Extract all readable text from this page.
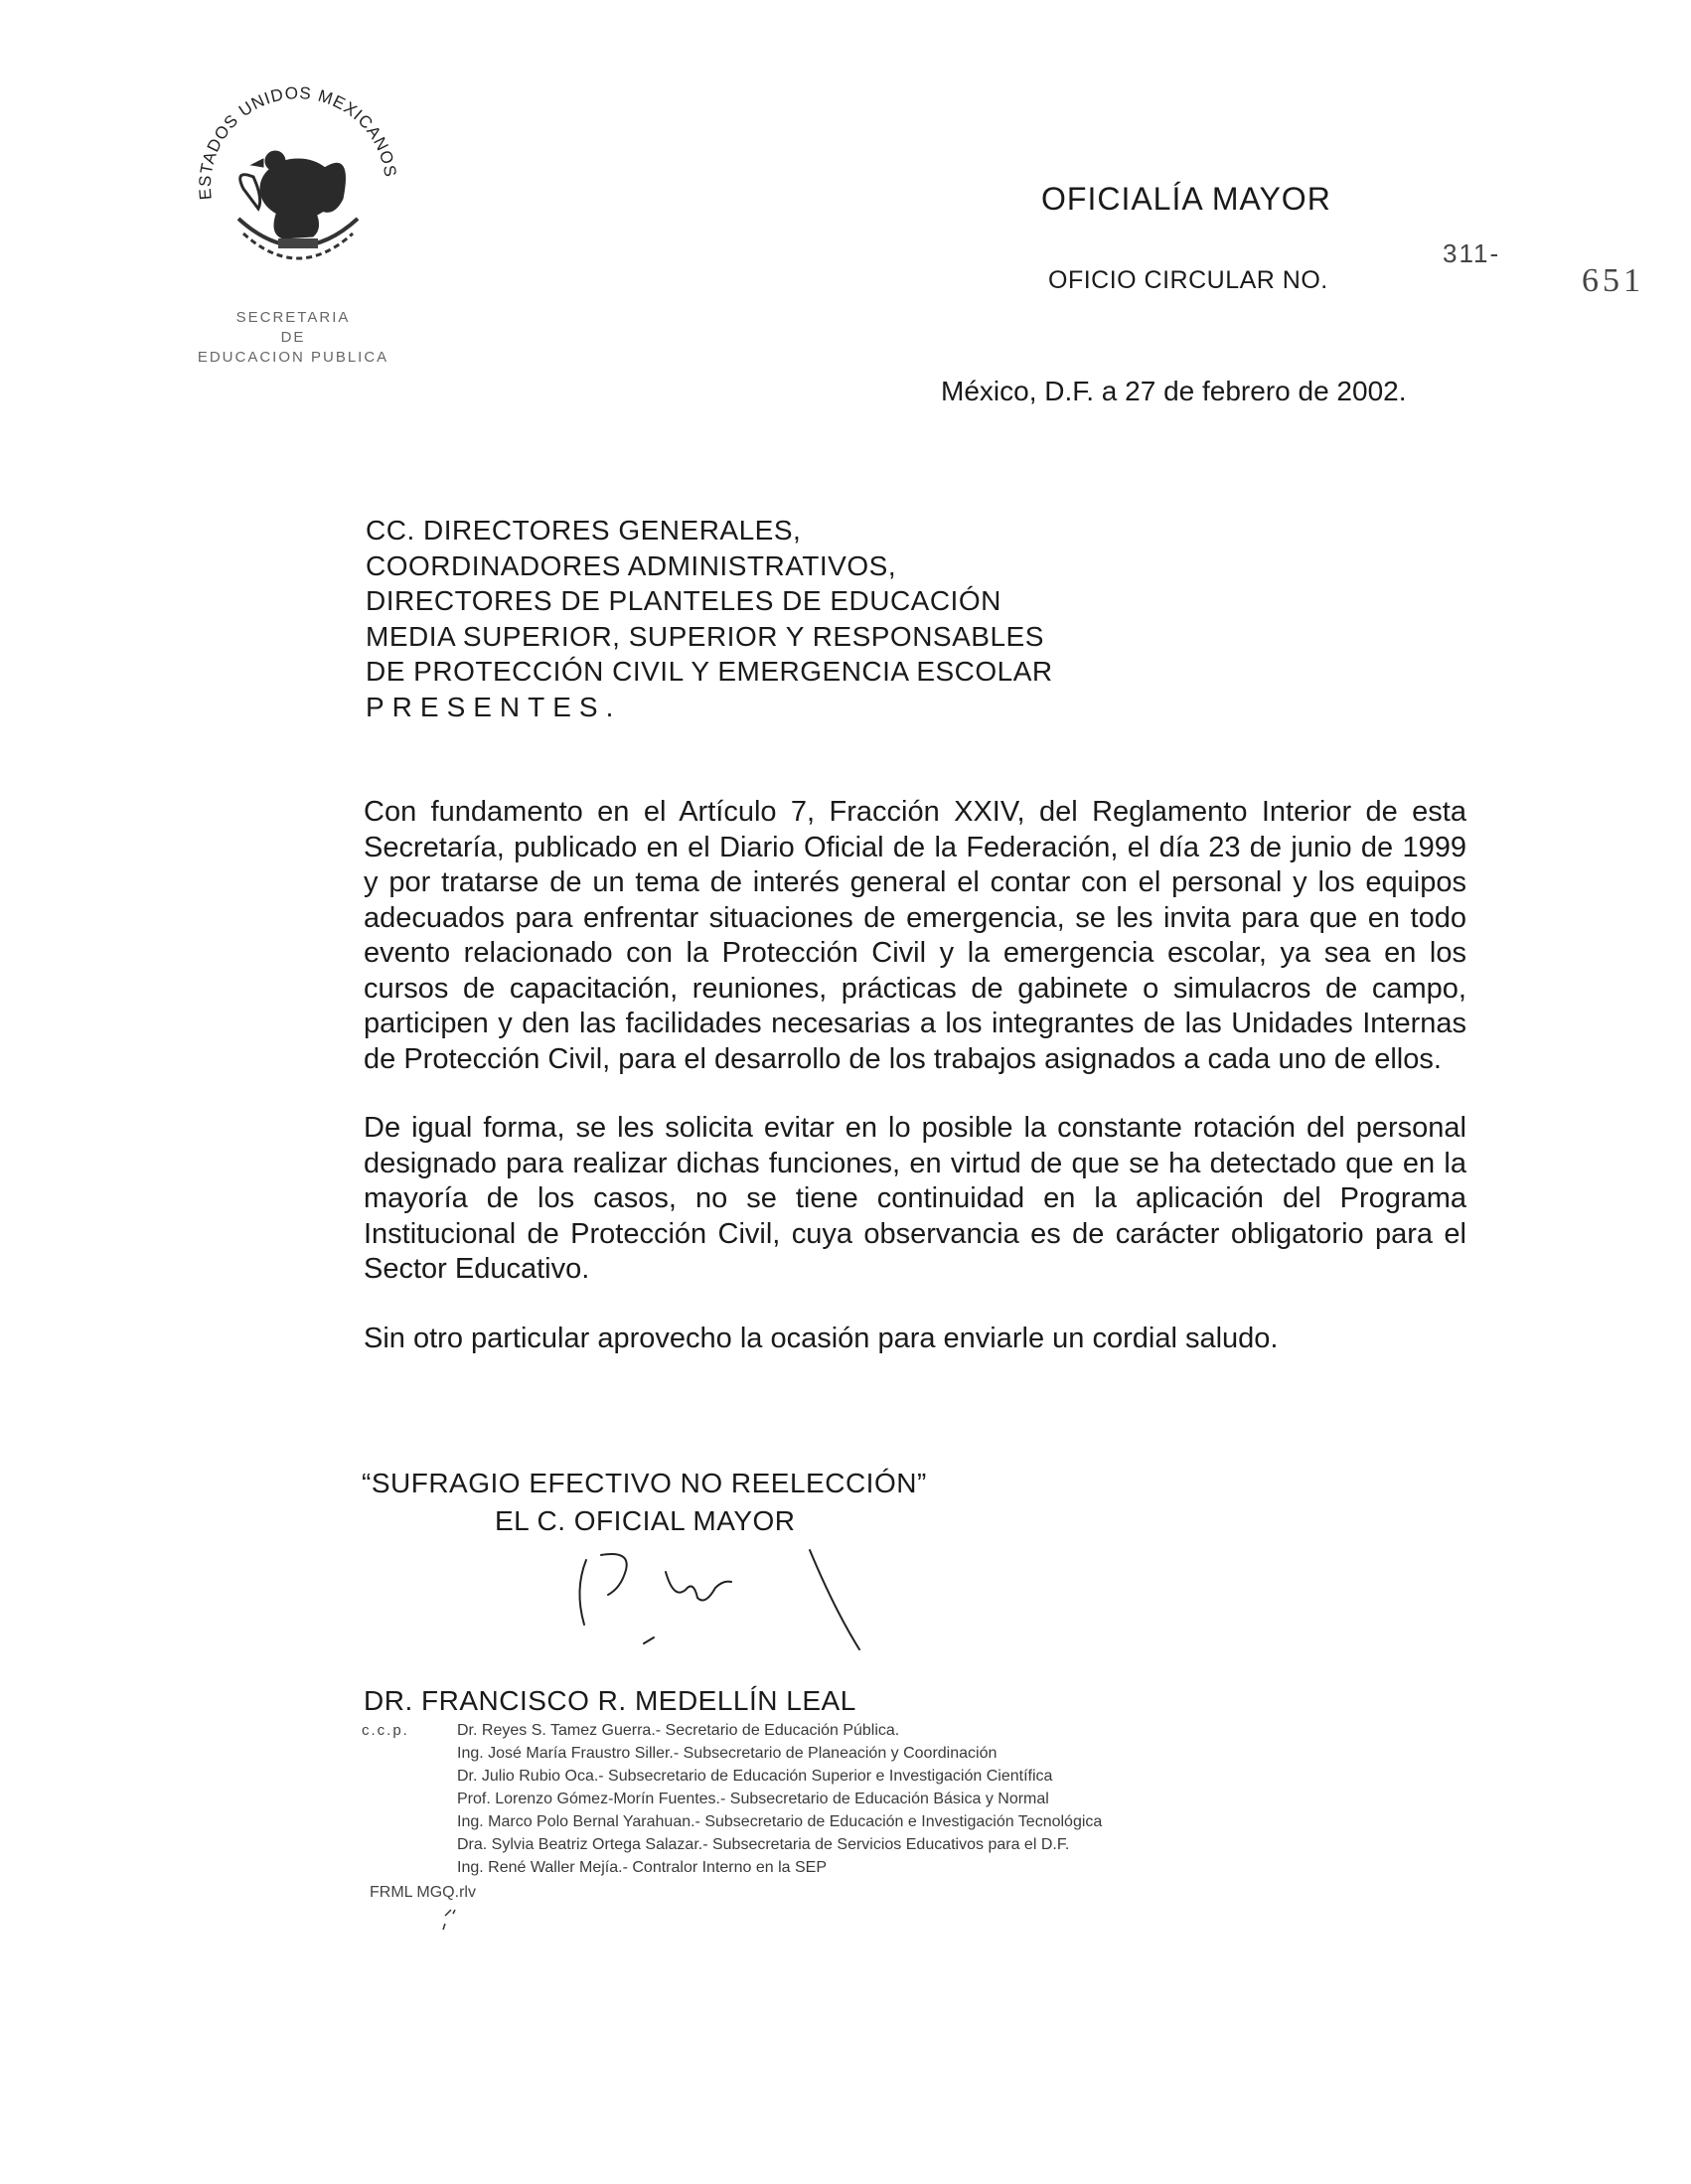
ESTADOS UNIDOS MEXICANOS
SECRETARIA
DE
EDUCACION PUBLICA
OFICIALÍA MAYOR
OFICIO CIRCULAR NO.
311-
651
México, D.F. a 27 de febrero de 2002.
CC. DIRECTORES GENERALES,
COORDINADORES ADMINISTRATIVOS,
DIRECTORES DE PLANTELES DE EDUCACIÓN
MEDIA SUPERIOR, SUPERIOR Y RESPONSABLES
DE PROTECCIÓN CIVIL Y EMERGENCIA ESCOLAR
PRESENTES.

Con fundamento en el Artículo 7, Fracción XXIV, del Reglamento Interior de esta Secretaría, publicado en el Diario Oficial de la Federación, el día 23 de junio de 1999 y por tratarse de un tema de interés general el contar con el personal y los equipos adecuados para enfrentar situaciones de emergencia, se les invita para que en todo evento relacionado con la Protección Civil y la emergencia escolar, ya sea en los cursos de capacitación, reuniones, prácticas de gabinete o simulacros de campo, participen y den las facilidades necesarias a los integrantes de las Unidades Internas de Protección Civil, para el desarrollo de los trabajos asignados a cada uno de ellos.

De igual forma, se les solicita evitar en lo posible la constante rotación del personal designado para realizar dichas funciones, en virtud de que se ha detectado que en la mayoría de los casos, no se tiene continuidad en la aplicación del Programa Institucional de Protección Civil, cuya observancia es de carácter obligatorio para el Sector Educativo.

Sin otro particular aprovecho la ocasión para enviarle un cordial saludo.

“SUFRAGIO EFECTIVO NO REELECCIÓN”
EL C. OFICIAL MAYOR
DR. FRANCISCO R. MEDELLÍN LEAL
c.c.p.	Dr. Reyes S. Tamez Guerra.- Secretario de Educación Pública.
Ing. José María Fraustro Siller.- Subsecretario de Planeación y Coordinación
Dr. Julio Rubio Oca.- Subsecretario de Educación Superior e Investigación Científica
Prof. Lorenzo Gómez-Morín Fuentes.- Subsecretario de Educación Básica y Normal
Ing. Marco Polo Bernal Yarahuan.- Subsecretario de Educación e Investigación Tecnológica
Dra. Sylvia Beatriz Ortega Salazar.- Subsecretaria de Servicios Educativos para el D.F.
Ing. René Waller Mejía.- Contralor Interno en la SEP
FRML MGQ.rlv
